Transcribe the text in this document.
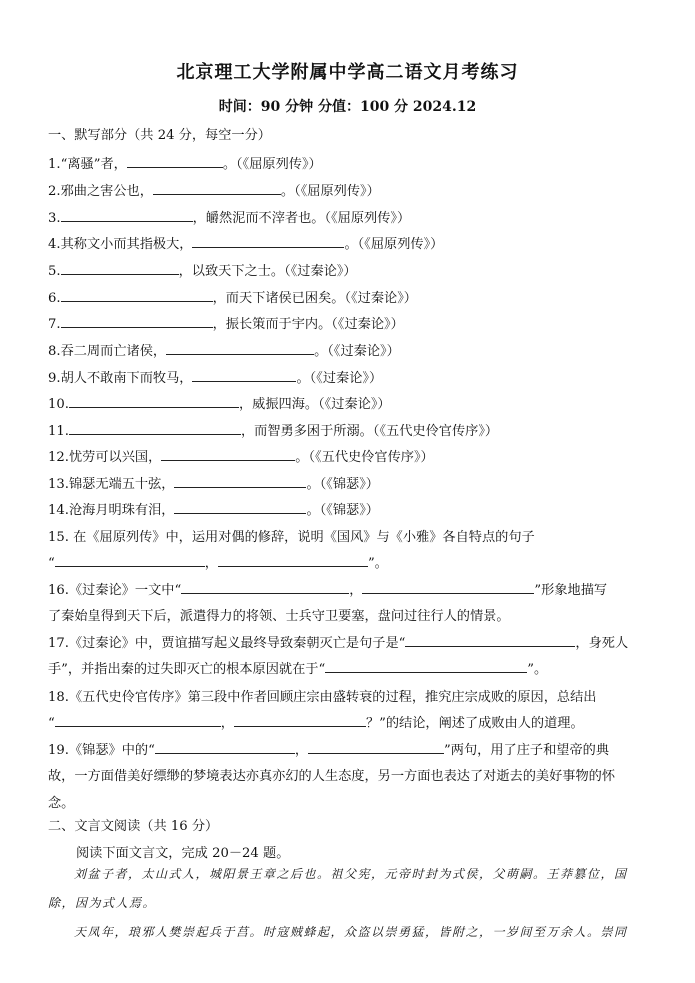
北京理工大学附属中学高二语文月考练习
时间：90 分钟 分值：100 分 2024.12
一、默写部分（共 24 分，每空一分）
1.“离骚”者，	。（《屈原列传》）
2.邪曲之害公也，	。（《屈原列传》）
3.	，皭然泥而不滓者也。（《屈原列传》）
4.其称文小而其指极大，	。（《屈原列传》）
5.	，以致天下之士。（《过秦论》）
6.	，而天下诸侯已困矣。（《过秦论》）
7.	，振长策而于宇内。（《过秦论》）
8.吞二周而亡诸侯，	。（《过秦论》）
9.胡人不敢南下而牧马，	。（《过秦论》）
10.	，威振四海。（《过秦论》）
11.	，而智勇多困于所溺。（《五代史伶官传序》）
12.忧劳可以兴国，	。（《五代史伶官传序》）
13.锦瑟无端五十弦，	。（《锦瑟》）
14.沧海月明珠有泪，	。（《锦瑟》）
15. 在《屈原列传》中，运用对偶的修辞，说明《国风》与《小雅》各自特点的句子
“	，	”。
16.《过秦论》一文中“	，	”形象地描写
了秦始皇得到天下后，派遣得力的将领、士兵守卫要塞，盘问过往行人的情景。
17.《过秦论》中，贾谊描写起义最终导致秦朝灭亡是句子是“	，身死人
手”，并指出秦的过失即灭亡的根本原因就在于“	”。
18.《五代史伶官传序》第三段中作者回顾庄宗由盛转衰的过程，推究庄宗成败的原因，总结出
“	，	？”的结论，阐述了成败由人的道理。
19.《锦瑟》中的“	，	”两句，用了庄子和望帝的典
故，一方面借美好缥缈的梦境表达亦真亦幻的人生态度，另一方面也表达了对逝去的美好事物的怀
念。
二、文言文阅读（共 16 分）
阅读下面文言文，完成 20－24 题。
刘盆子者，太山式人，城阳景王章之后也。祖父宪，元帝时封为式侯，父萌嗣。王莽篡位，国
除，因为式人焉。
天凤年，琅邪人樊崇起兵于莒。时寇贼蜂起，众盗以崇勇猛，皆附之，一岁间至万余人。崇同
